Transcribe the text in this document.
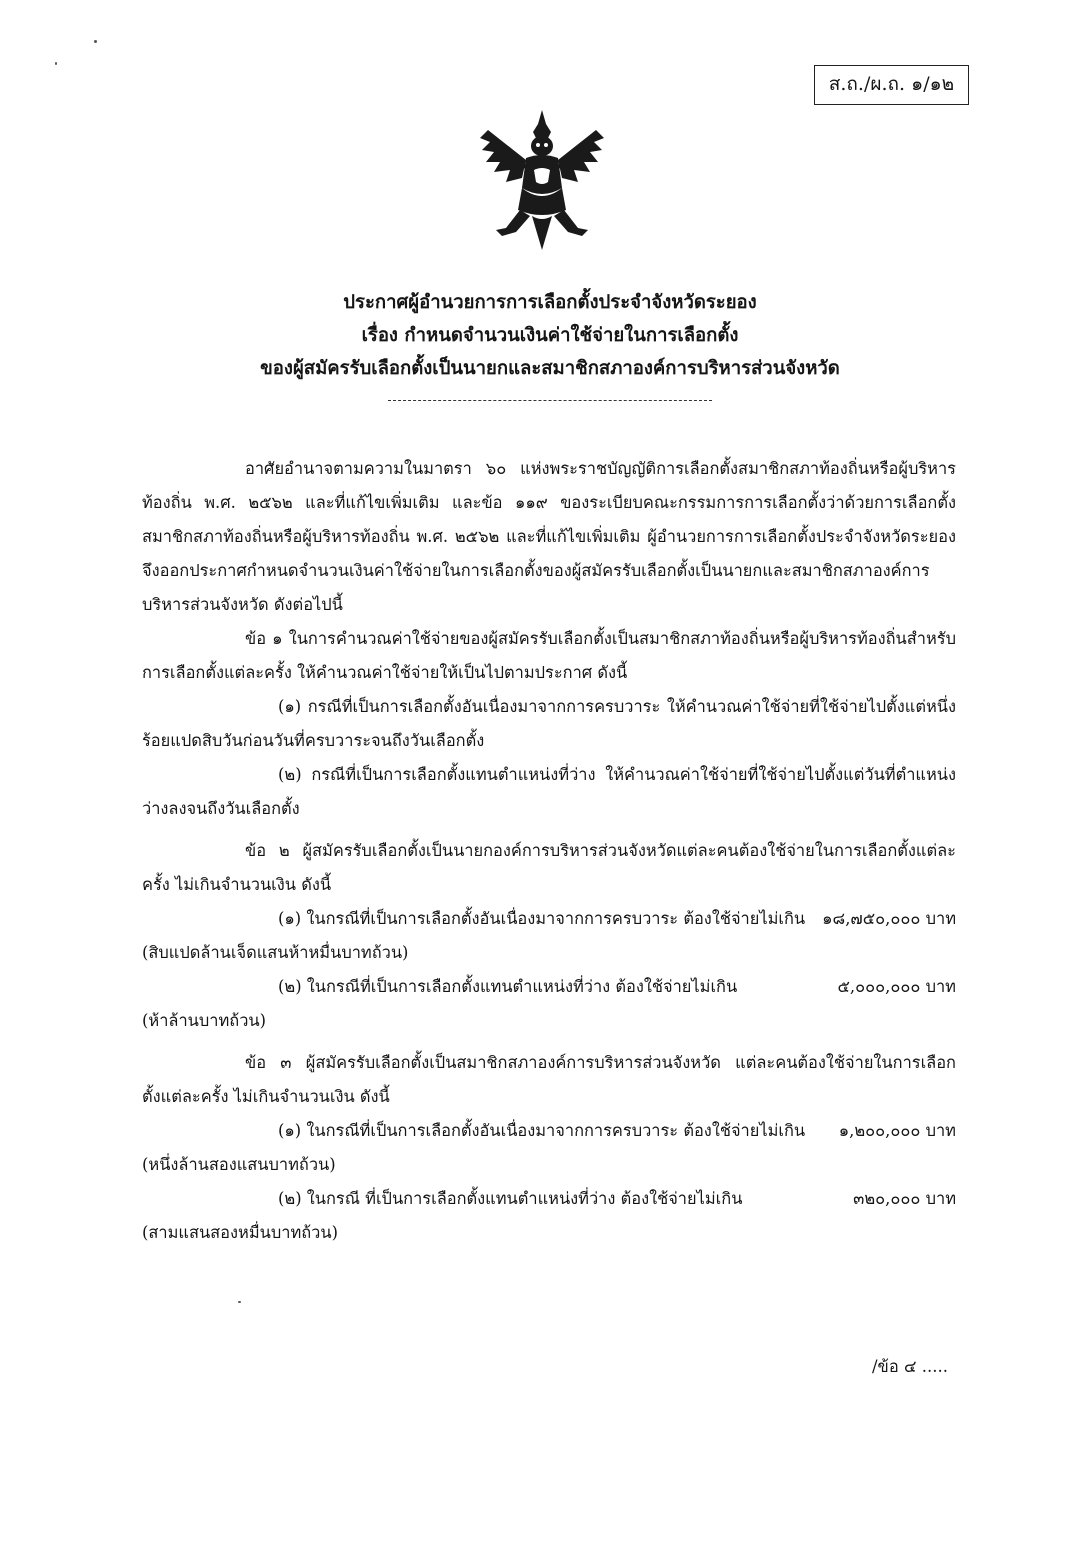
ส.ถ./ผ.ถ. ๑/๑๒
ประกาศผู้อำนวยการการเลือกตั้งประจำจังหวัดระยอง
เรื่อง กำหนดจำนวนเงินค่าใช้จ่ายในการเลือกตั้ง
ของผู้สมัครรับเลือกตั้งเป็นนายกและสมาชิกสภาองค์การบริหารส่วนจังหวัด

อาศัยอำนาจตามความในมาตรา ๖๐ แห่งพระราชบัญญัติการเลือกตั้งสมาชิกสภาท้องถิ่นหรือผู้บริหารท้องถิ่น พ.ศ. ๒๕๖๒ และที่แก้ไขเพิ่มเติม และข้อ ๑๑๙ ของระเบียบคณะกรรมการการเลือกตั้งว่าด้วยการเลือกตั้งสมาชิกสภาท้องถิ่นหรือผู้บริหารท้องถิ่น พ.ศ. ๒๕๖๒ และที่แก้ไขเพิ่มเติม ผู้อำนวยการการเลือกตั้งประจำจังหวัดระยอง จึงออกประกาศกำหนดจำนวนเงินค่าใช้จ่ายในการเลือกตั้งของผู้สมัครรับเลือกตั้งเป็นนายกและสมาชิกสภาองค์การบริหารส่วนจังหวัด ดังต่อไปนี้

ข้อ ๑ ในการคำนวณค่าใช้จ่ายของผู้สมัครรับเลือกตั้งเป็นสมาชิกสภาท้องถิ่นหรือผู้บริหารท้องถิ่นสำหรับการเลือกตั้งแต่ละครั้ง ให้คำนวณค่าใช้จ่ายให้เป็นไปตามประกาศ ดังนี้

(๑) กรณีที่เป็นการเลือกตั้งอันเนื่องมาจากการครบวาระ ให้คำนวณค่าใช้จ่ายที่ใช้จ่ายไปตั้งแต่หนึ่งร้อยแปดสิบวันก่อนวันที่ครบวาระจนถึงวันเลือกตั้ง

(๒) กรณีที่เป็นการเลือกตั้งแทนตำแหน่งที่ว่าง ให้คำนวณค่าใช้จ่ายที่ใช้จ่ายไปตั้งแต่วันที่ตำแหน่งว่างลงจนถึงวันเลือกตั้ง

ข้อ ๒ ผู้สมัครรับเลือกตั้งเป็นนายกองค์การบริหารส่วนจังหวัดแต่ละคนต้องใช้จ่ายในการเลือกตั้งแต่ละครั้ง ไม่เกินจำนวนเงิน ดังนี้

(๑) ในกรณีที่เป็นการเลือกตั้งอันเนื่องมาจากการครบวาระ ต้องใช้จ่ายไม่เกิน ๑๘,๗๕๐,๐๐๐ บาท

(สิบแปดล้านเจ็ดแสนห้าหมื่นบาทถ้วน)

(๒) ในกรณีที่เป็นการเลือกตั้งแทนตำแหน่งที่ว่าง ต้องใช้จ่ายไม่เกิน	๕,๐๐๐,๐๐๐ บาท

(ห้าล้านบาทถ้วน)

ข้อ ๓ ผู้สมัครรับเลือกตั้งเป็นสมาชิกสภาองค์การบริหารส่วนจังหวัด แต่ละคนต้องใช้จ่ายในการเลือกตั้งแต่ละครั้ง ไม่เกินจำนวนเงิน ดังนี้

(๑) ในกรณีที่เป็นการเลือกตั้งอันเนื่องมาจากการครบวาระ ต้องใช้จ่ายไม่เกิน ๑,๒๐๐,๐๐๐ บาท

(หนึ่งล้านสองแสนบาทถ้วน)

(๒) ในกรณี ที่เป็นการเลือกตั้งแทนตำแหน่งที่ว่าง ต้องใช้จ่ายไม่เกิน	๓๒๐,๐๐๐ บาท

(สามแสนสองหมื่นบาทถ้วน)

/ข้อ ๔ .....
